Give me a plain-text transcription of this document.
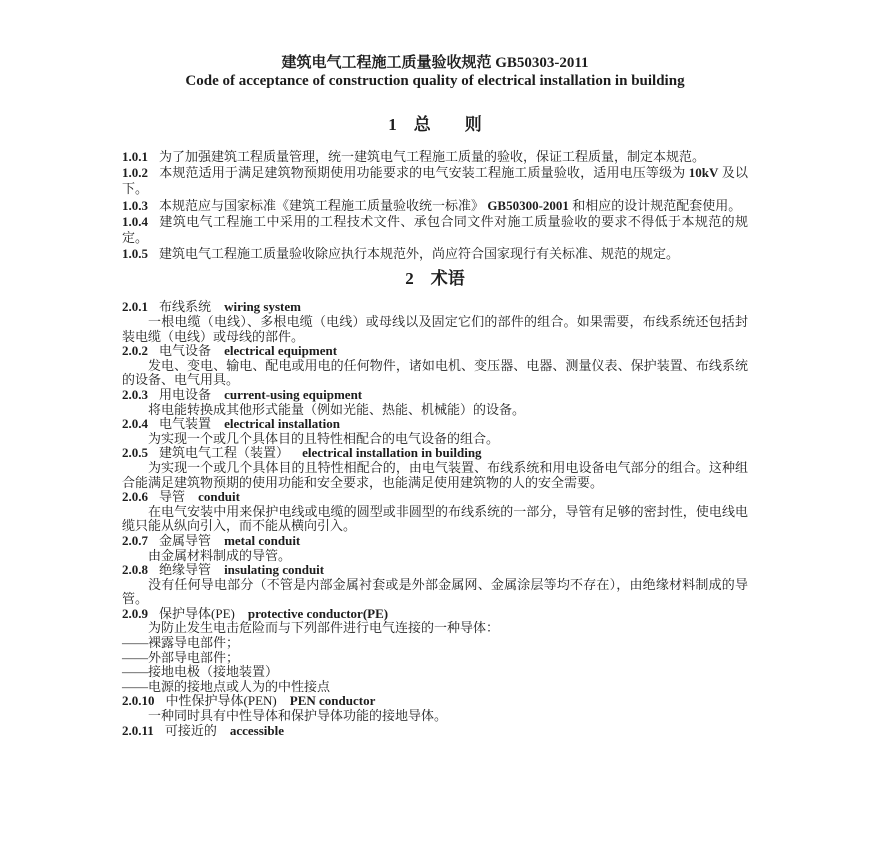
建筑电气工程施工质量验收规范 GB50303-2011

Code of acceptance of construction quality of electrical installation in building

1　总　　则

1.0.1 为了加强建筑工程质量管理，统一建筑电气工程施工质量的验收，保证工程质量，制定本规范。

1.0.2 本规范适用于满足建筑物预期使用功能要求的电气安装工程施工质量验收，适用电压等级为 10kV 及以下。

1.0.3 本规范应与国家标准《建筑工程施工质量验收统一标准》 GB50300-2001 和相应的设计规范配套使用。

1.0.4 建筑电气工程施工中采用的工程技术文件、承包合同文件对施工质量验收的要求不得低于本规范的规定。

1.0.5 建筑电气工程施工质量验收除应执行本规范外，尚应符合国家现行有关标准、规范的规定。

2　术语

2.0.1 布线系统 wiring system

一根电缆（电线）、多根电缆（电线）或母线以及固定它们的部件的组合。如果需要，布线系统还包括封装电缆（电线）或母线的部件。

2.0.2 电气设备 electrical equipment

发电、变电、输电、配电或用电的任何物件，诸如电机、变压器、电器、测量仪表、保护装置、布线系统的设备、电气用具。

2.0.3 用电设备 current-using equipment

将电能转换成其他形式能量（例如光能、热能、机械能）的设备。

2.0.4 电气装置 electrical installation

为实现一个或几个具体目的且特性相配合的电气设备的组合。

2.0.5 建筑电气工程（装置） electrical installation in building

为实现一个或几个具体目的且特性相配合的，由电气装置、布线系统和用电设备电气部分的组合。这种组合能满足建筑物预期的使用功能和安全要求，也能满足使用建筑物的人的安全需要。

2.0.6 导管 conduit

在电气安装中用来保护电线或电缆的圆型或非圆型的布线系统的一部分，导管有足够的密封性，使电线电缆只能从纵向引入，而不能从横向引入。

2.0.7 金属导管 metal conduit

由金属材料制成的导管。

2.0.8 绝缘导管 insulating conduit

没有任何导电部分（不管是内部金属衬套或是外部金属网、金属涂层等均不存在），由绝缘材料制成的导管。

2.0.9 保护导体(PE) protective conductor(PE)

为防止发生电击危险而与下列部件进行电气连接的一种导体：

——裸露导电部件；

——外部导电部件；

——接地电极（接地装置）

——电源的接地点或人为的中性接点

2.0.10 中性保护导体(PEN) PEN conductor

一种同时具有中性导体和保护导体功能的接地导体。

2.0.11 可接近的 accessible
